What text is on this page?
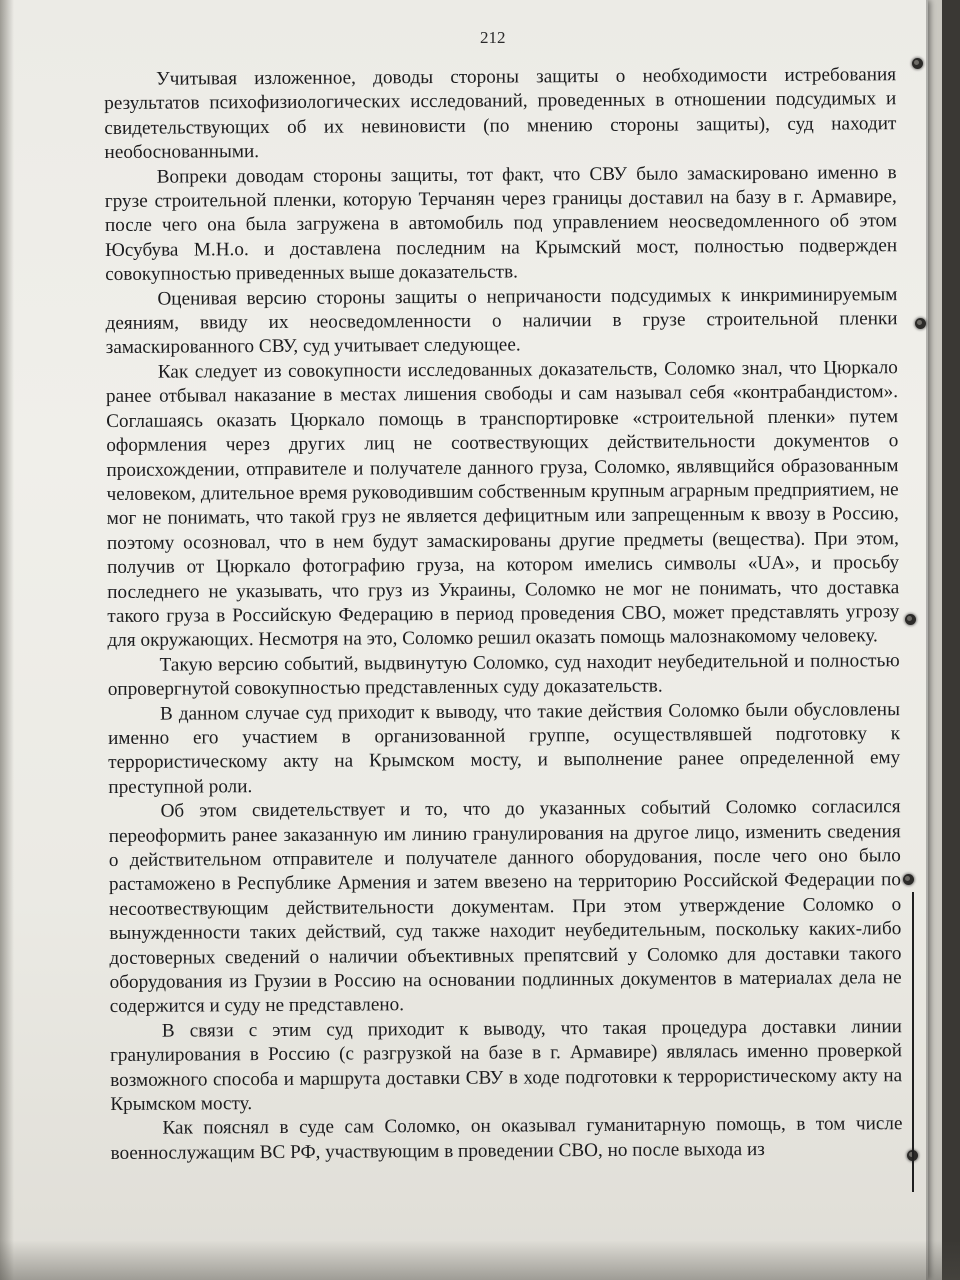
212

Учитывая изложенное, доводы стороны защиты о необходимости истребования результатов психофизиологических исследований, проведенных в отношении подсудимых и свидетельствующих об их невиновисти (по мнению стороны защиты), суд находит необоснованными.

Вопреки доводам стороны защиты, тот факт, что СВУ было замаскировано именно в грузе строительной пленки, которую Терчанян через границы доставил на базу в г. Армавире, после чего она была загружена в автомобиль под управлением неосведомленного об этом Юсубува М.Н.о. и доставлена последним на Крымский мост, полностью подвержден совокупностью приведенных выше доказательств.

Оценивая версию стороны защиты о непричаности подсудимых к инкриминируемым деяниям, ввиду их неосведомленности о наличии в грузе строительной пленки замаскированного СВУ, суд учитывает следующее.

Как следует из совокупности исследованных доказательств, Соломко знал, что Цюркало ранее отбывал наказание в местах лишения свободы и сам называл себя «контрабандистом». Соглашаясь оказать Цюркало помощь в транспортировке «строительной пленки» путем оформления через других лиц не соотвествующих действительности документов о происхождении, отправителе и получателе данного груза, Соломко, являвщийся образованным человеком, длительное время руководившим собственным крупным аграрным предприятием, не мог не понимать, что такой груз не является дефицитным или запрещенным к ввозу в Россию, поэтому осозновал, что в нем будут замаскированы другие предметы (вещества). При этом, получив от Цюркало фотографию груза, на котором имелись символы «UA», и просьбу последнего не указывать, что груз из Украины, Соломко не мог не понимать, что доставка такого груза в Российскую Федерацию в период проведения СВО, может представлять угрозу для окружающих. Несмотря на это, Соломко решил оказать помощь малознакомому человеку.

Такую версию событий, выдвинутую Соломко, суд находит неубедительной и полностью опровергнутой совокупностью представленных суду доказательств.

В данном случае суд приходит к выводу, что такие действия Соломко были обусловлены именно его участием в организованной группе, осуществлявшей подготовку к террористическому акту на Крымском мосту, и выполнение ранее определенной ему преступной роли.

Об этом свидетельствует и то, что до указанных событий Соломко согласился переоформить ранее заказанную им линию гранулирования на другое лицо, изменить сведения о действительном отправителе и получателе данного оборудования, после чего оно было растаможено в Республике Армения и затем ввезено на территорию Российской Федерации по несоотвествующим действительности документам. При этом утверждение Соломко о вынужденности таких действий, суд также находит неубедительным, поскольку каких-либо достоверных сведений о наличии объективных препятсвий у Соломко для доставки такого оборудования из Грузии в Россию на основании подлинных документов в материалах дела не содержится и суду не представлено.

В связи с этим суд приходит к выводу, что такая процедура доставки линии гранулирования в Россию (с разгрузкой на базе в г. Армавире) являлась именно проверкой возможного способа и маршрута доставки СВУ в ходе подготовки к террористическому акту на Крымском мосту.

Как пояснял в суде сам Соломко, он оказывал гуманитарную помощь, в том числе военнослужащим ВС РФ, участвующим в проведении СВО, но после выхода из
